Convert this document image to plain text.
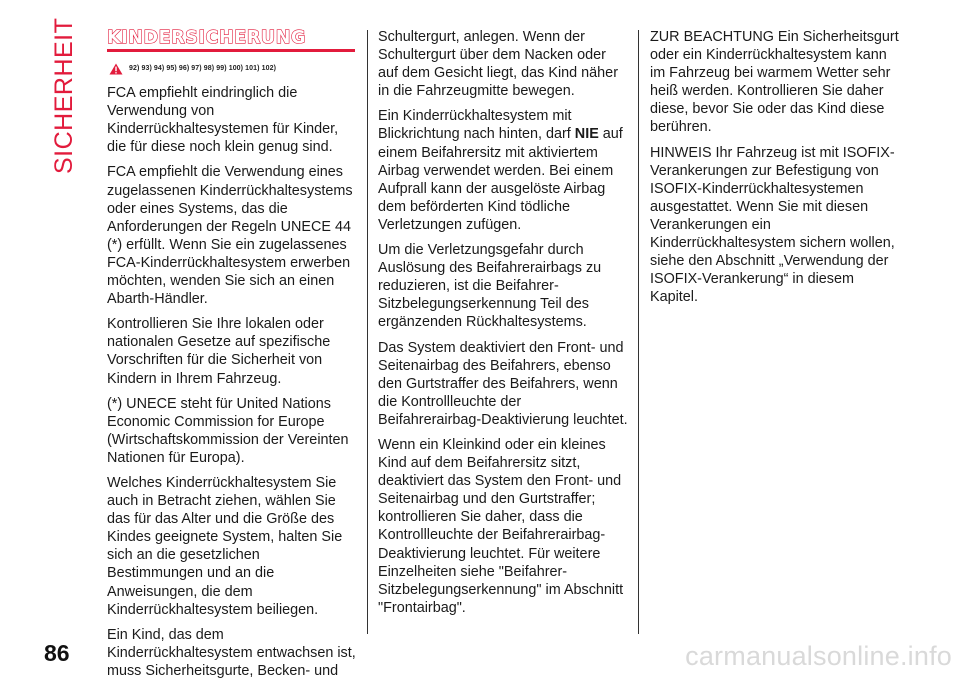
SICHERHEIT KINDERSICHERUNG
92) 93) 94) 95) 96) 97) 98) 99) 100) 101) 102)

FCA empfiehlt eindringlich die Verwendung von Kinderrückhaltesystemen für Kinder, die für diese noch klein genug sind.

FCA empfiehlt die Verwendung eines zugelassenen Kinderrückhaltesystems oder eines Systems, das die Anforderungen der Regeln UNECE 44 (*) erfüllt. Wenn Sie ein zugelassenes FCA-Kinderrückhaltesystem erwerben möchten, wenden Sie sich an einen Abarth-Händler.

Kontrollieren Sie Ihre lokalen oder nationalen Gesetze auf spezifische Vorschriften für die Sicherheit von Kindern in Ihrem Fahrzeug.

(*) UNECE steht für United Nations Economic Commission for Europe (Wirtschaftskommission der Vereinten Nationen für Europa).

Welches Kinderrückhaltesystem Sie auch in Betracht ziehen, wählen Sie das für das Alter und die Größe des Kindes geeignete System, halten Sie sich an die gesetzlichen Bestimmungen und an die Anweisungen, die dem Kinderrückhaltesystem beiliegen.

Ein Kind, das dem Kinderrückhaltesystem entwachsen ist, muss Sicherheitsgurte, Becken- und

Schultergurt, anlegen. Wenn der Schultergurt über dem Nacken oder auf dem Gesicht liegt, das Kind näher in die Fahrzeugmitte bewegen.

Ein Kinderrückhaltesystem mit Blickrichtung nach hinten, darf NIE auf einem Beifahrersitz mit aktiviertem Airbag verwendet werden. Bei einem Aufprall kann der ausgelöste Airbag dem beförderten Kind tödliche Verletzungen zufügen.

Um die Verletzungsgefahr durch Auslösung des Beifahrerairbags zu reduzieren, ist die Beifahrer-Sitzbelegungserkennung Teil des ergänzenden Rückhaltesystems.

Das System deaktiviert den Front- und Seitenairbag des Beifahrers, ebenso den Gurtstraffer des Beifahrers, wenn die Kontrollleuchte der Beifahrerairbag-Deaktivierung leuchtet.

Wenn ein Kleinkind oder ein kleines Kind auf dem Beifahrersitz sitzt, deaktiviert das System den Front- und Seitenairbag und den Gurtstraffer; kontrollieren Sie daher, dass die Kontrollleuchte der Beifahrerairbag-Deaktivierung leuchtet. Für weitere Einzelheiten siehe "Beifahrer-Sitzbelegungserkennung" im Abschnitt "Frontairbag".

ZUR BEACHTUNG Ein Sicherheitsgurt oder ein Kinderrückhaltesystem kann im Fahrzeug bei warmem Wetter sehr heiß werden. Kontrollieren Sie daher diese, bevor Sie oder das Kind diese berühren.

HINWEIS Ihr Fahrzeug ist mit ISOFIX-Verankerungen zur Befestigung von ISOFIX-Kinderrückhaltesystemen ausgestattet. Wenn Sie mit diesen Verankerungen ein Kinderrückhaltesystem sichern wollen, siehe den Abschnitt „Verwendung der ISOFIX-Verankerung“ in diesem Kapitel.

86	carmanualsonline.info
